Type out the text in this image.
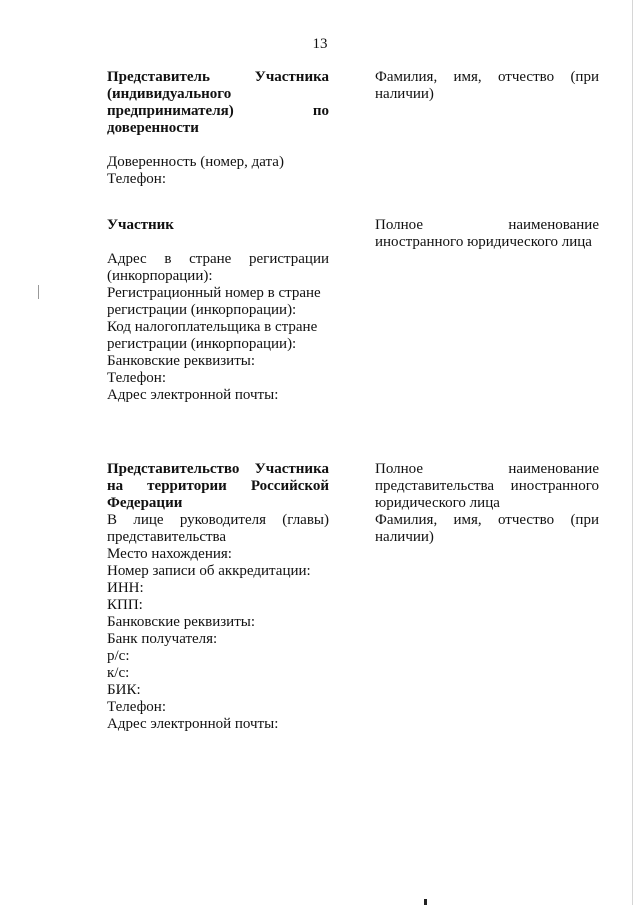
13
Представитель Участника
(индивидуального
предпринимателя) по
доверенности
Доверенность (номер, дата)
Телефон:
Фамилия, имя, отчество (при
наличии)
Участник
Адрес в стране регистрации
(инкорпорации):
Регистрационный номер в стране
регистрации (инкорпорации):
Код налогоплательщика в стране
регистрации (инкорпорации):
Банковские реквизиты:
Телефон:
Адрес электронной почты:
Полное наименование
иностранного юридического лица
Представительство Участника
на территории Российской
Федерации
В лице руководителя (главы)
представительства
Место нахождения:
Номер записи об аккредитации:
ИНН:
КПП:
Банковские реквизиты:
Банк получателя:
р/с:
к/с:
БИК:
Телефон:
Адрес электронной почты:
Полное наименование
представительства иностранного
юридического лица
Фамилия, имя, отчество (при
наличии)
